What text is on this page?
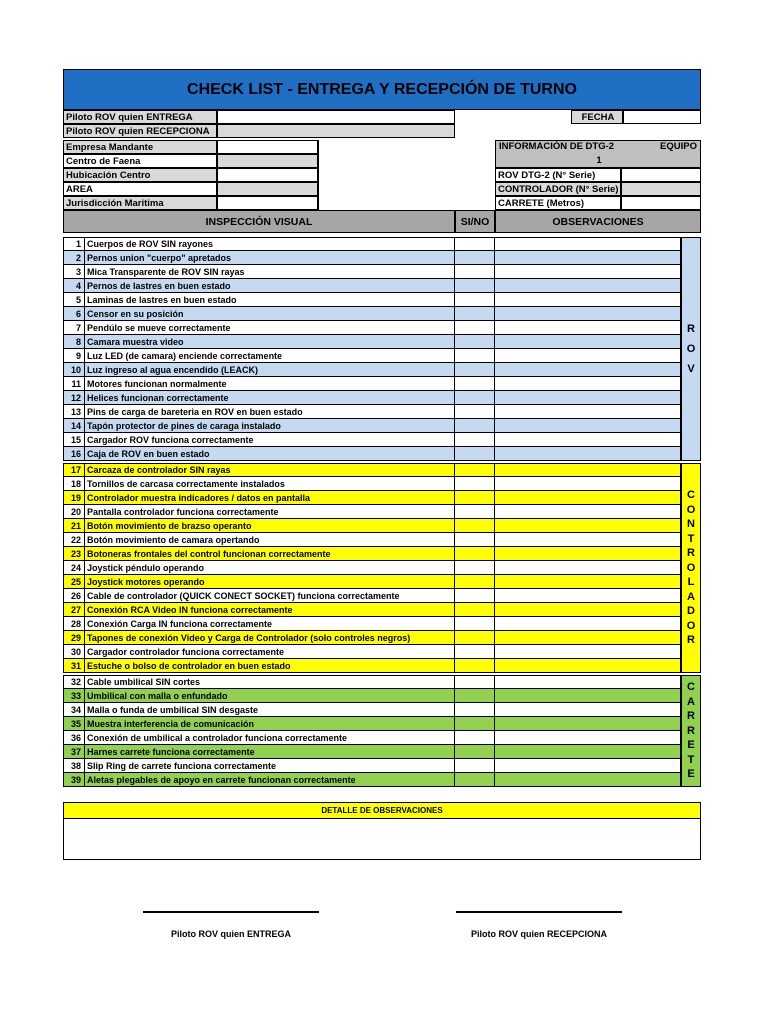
CHECK LIST - ENTREGA Y RECEPCIÓN DE TURNO
Piloto ROV quien ENTREGA	FECHA
Piloto ROV quien RECEPCIONA
Empresa Mandante
Centro de Faena
Hubicación Centro
AREA
Jurisdicción Maritima
INFORMACIÓN DE DTG-2	EQUIPO
1
ROV DTG-2 (N° Serie)
CONTROLADOR (N° Serie)
CARRETE (Metros)
INSPECCIÓN VISUAL	SI/NO	OBSERVACIONES
1 Cuerpos de ROV SIN rayones
2 Pernos union "cuerpo" apretados
3 Mica Transparente de ROV SIN rayas
4 Pernos de lastres en buen estado
5 Laminas de lastres en buen estado
6 Censor en su posición
7 Pendúlo se mueve correctamente
8 Camara muestra video
9 Luz LED (de camara) enciende correctamente
10 Luz ingreso al agua encendido (LEACK)
11 Motores funcionan normalmente
12 Helices funcionan correctamente
13 Pins de carga de bareteria en ROV en buen estado
14 Tapón protector de pines de caraga instalado
15 Cargador ROV funciona correctamente
16 Caja de ROV en buen estado
17 Carcaza de controlador SIN rayas
18 Tornillos de carcasa correctamente instalados
19 Controlador muestra indicadores / datos en pantalla
20 Pantalla controlador funciona correctamente
21 Botón movimiento de brazso operanto
22 Botón movimiento de camara opertando
23 Botoneras frontales del control funcionan correctamente
24 Joystick péndulo operando
25 Joystick motores operando
26 Cable de controlador (QUICK CONECT SOCKET) funciona correctamente
27 Conexión RCA Video IN funciona correctamente
28 Conexión Carga IN funciona correctamente
29 Tapones de conexión Video y Carga de Controlador (solo controles negros)
30 Cargador controlador funciona correctamente
31 Estuche o bolso de controlador en buen estado
32 Cable umbilical SIN cortes
33 Umbilical con malla o enfundado
34 Malla o funda de umbilical SIN desgaste
35 Muestra interferencia de comunicación
36 Conexión de umbilical a controlador funciona correctamente
37 Harnes carrete funciona correctamente
38 Slip Ring de carrete funciona correctamente
39 Aletas plegables de apoyo en carrete funcionan correctamente
R
O
V
C
O
N
T
R
O
L
A
D
O
R
C
A
R
R
E
T
E
DETALLE DE OBSERVACIONES
Piloto ROV quien ENTREGA	Piloto ROV quien RECEPCIONA
